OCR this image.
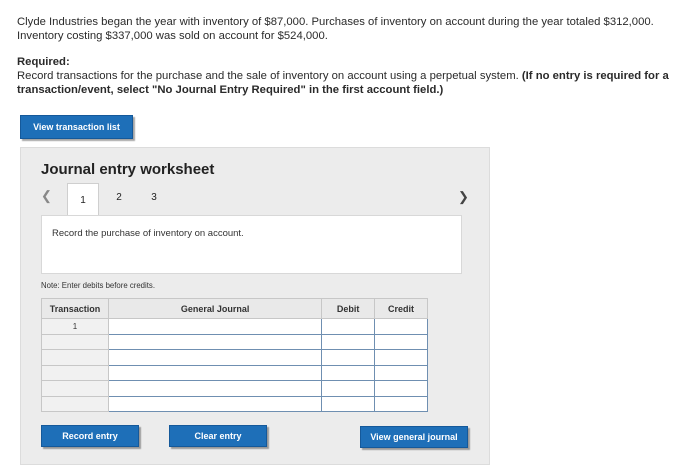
Clyde Industries began the year with inventory of $87,000. Purchases of inventory on account during the year totaled $312,000. Inventory costing $337,000 was sold on account for $524,000.
Required:
Record transactions for the purchase and the sale of inventory on account using a perpetual system. (If no entry is required for a transaction/event, select "No Journal Entry Required" in the first account field.)
View transaction list
Journal entry worksheet
❮	1	2	3	❯
Record the purchase of inventory on account.
Note: Enter debits before credits.
Transaction	General Journal	Debit	Credit
1			

Record entry	Clear entry	View general journal
